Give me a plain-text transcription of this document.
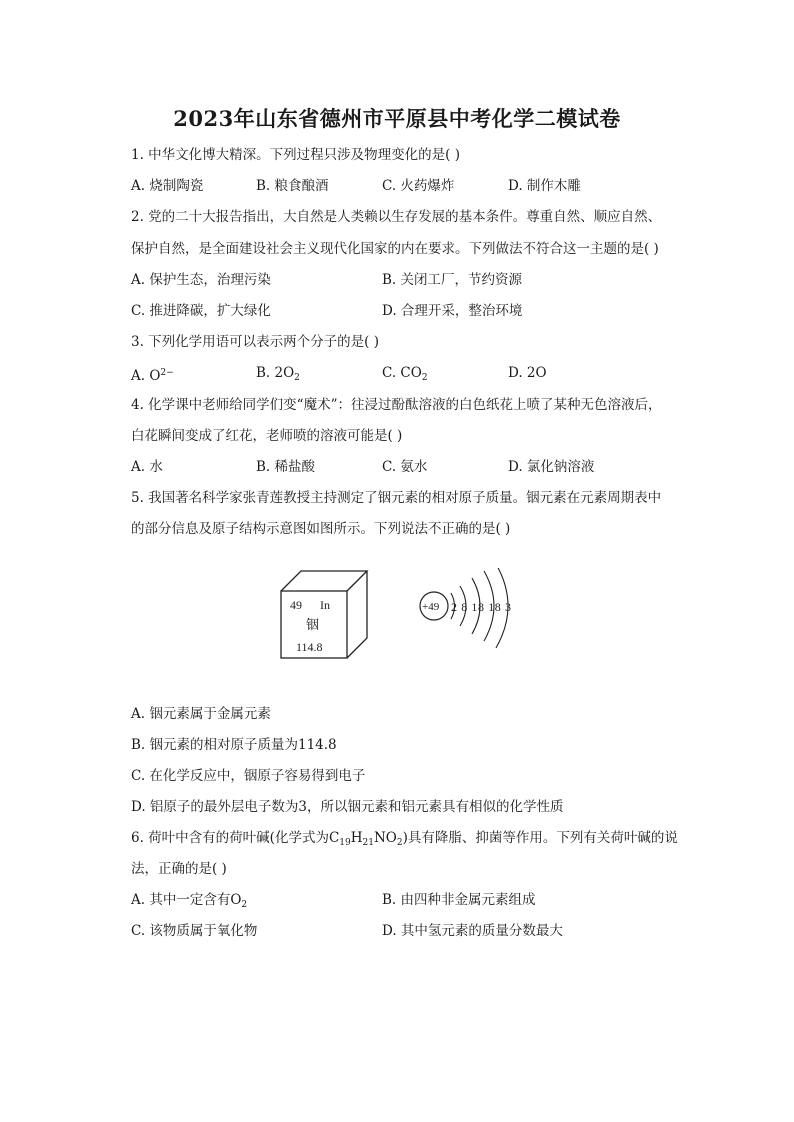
2023年山东省德州市平原县中考化学二模试卷
1. 中华文化博大精深。下列过程只涉及物理变化的是( )
A. 烧制陶瓷	B. 粮食酿酒	C. 火药爆炸	D. 制作木雕
2. 党的二十大报告指出，大自然是人类赖以生存发展的基本条件。尊重自然、顺应自然、
保护自然，是全面建设社会主义现代化国家的内在要求。下列做法不符合这一主题的是( )
A. 保护生态，治理污染	B. 关闭工厂，节约资源
C. 推进降碳，扩大绿化	D. 合理开采，整治环境
3. 下列化学用语可以表示两个分子的是( )
A. $O^{2-}$	B. $2O_2$	C. $CO_2$	D. 2O
4. 化学课中老师给同学们变“魔术”：往浸过酚酞溶液的白色纸花上喷了某种无色溶液后，
白花瞬间变成了红花，老师喷的溶液可能是( )
A. 水	B. 稀盐酸	C. 氨水	D. 氯化钠溶液
5. 我国著名科学家张青莲教授主持测定了铟元素的相对原子质量。铟元素在元素周期表中
的部分信息及原子结构示意图如图所示。下列说法不正确的是( )
49 In
铟
114.8
+49 2 8 18 18 3
A. 铟元素属于金属元素
B. 铟元素的相对原子质量为114.8
C. 在化学反应中，铟原子容易得到电子
D. 铝原子的最外层电子数为3，所以铟元素和铝元素具有相似的化学性质
6. 荷叶中含有的荷叶碱(化学式为$C_{19}H_{21}NO_2$)具有降脂、抑菌等作用。下列有关荷叶碱的说
法，正确的是( )
A. 其中一定含有$O_2$	B. 由四种非金属元素组成
C. 该物质属于氧化物	D. 其中氢元素的质量分数最大
